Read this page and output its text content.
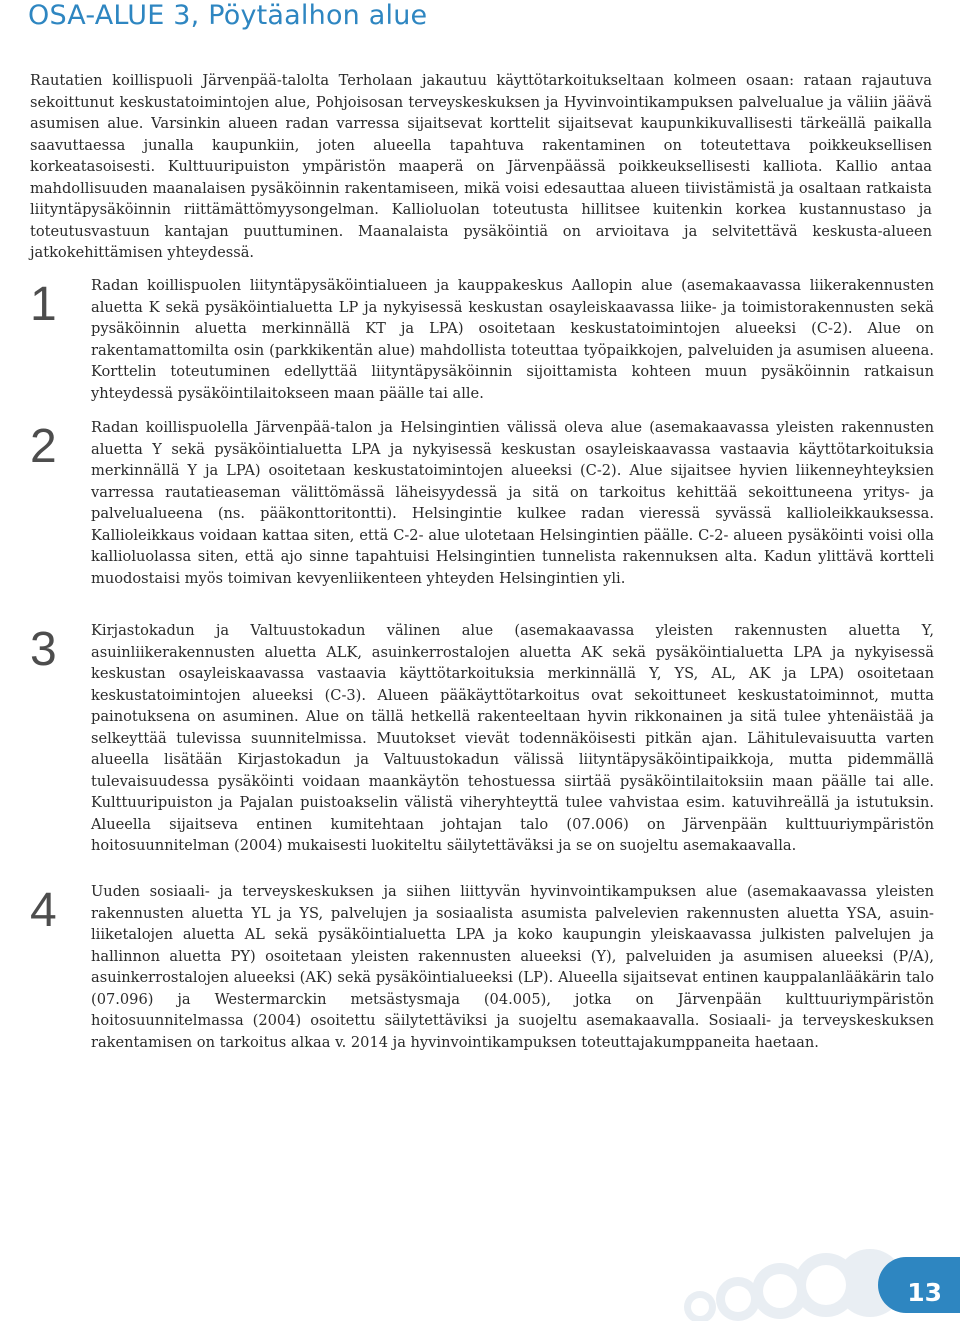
OSA-ALUE 3, Pöytäalhon alue

Rautatien koillispuoli Järvenpää-talolta Terholaan jakautuu käyttötarkoitukseltaan kolmeen osaan: rataan rajautuva sekoittunut keskustatoimintojen alue, Pohjoisosan terveyskeskuksen ja Hyvinvointikampuksen palvelualue ja väliin jäävä asumisen alue. Varsinkin alueen radan varressa sijaitsevat korttelit sijaitsevat kaupunkikuvallisesti tärkeällä paikalla saavuttaessa junalla kaupunkiin, joten alueella tapahtuva rakentaminen on toteutettava poikkeuksellisen korkeatasoisesti. Kulttuuripuiston ympäristön maaperä on Järvenpäässä poikkeuksellisesti kalliota. Kallio antaa mahdollisuuden maanalaisen pysäköinnin rakentamiseen, mikä voisi edesauttaa alueen tiivistämistä ja osaltaan ratkaista liityntäpysäköinnin riittämättömyysongelman. Kallioluolan toteutusta hillitsee kuitenkin korkea kustannustaso ja toteutusvastuun kantajan puuttuminen. Maanalaista pysäköintiä on arvioitava ja selvitettävä keskusta-alueen jatkokehittämisen yhteydessä.

1	Radan koillispuolen liityntäpysäköintialueen ja kauppakeskus Aallopin alue (asemakaavassa liikerakennusten aluetta K sekä pysäköintialuetta LP ja nykyisessä keskustan osayleiskaavassa liike- ja toimistorakennusten sekä pysäköinnin aluetta merkinnällä KT ja LPA) osoitetaan keskustatoimintojen alueeksi (C-2). Alue on rakentamattomilta osin (parkkikentän alue) mahdollista toteuttaa työpaikkojen, palveluiden ja asumisen alueena. Korttelin toteutuminen edellyttää liityntäpysäköinnin sijoittamista kohteen muun pysäköinnin ratkaisun yhteydessä pysäköintilaitokseen maan päälle tai alle.

2	Radan koillispuolella Järvenpää-talon ja Helsingintien välissä oleva alue (asemakaavassa yleisten rakennusten aluetta Y sekä pysäköintialuetta LPA ja nykyisessä keskustan osayleiskaavassa vastaavia käyttötarkoituksia merkinnällä Y ja LPA) osoitetaan keskustatoimintojen alueeksi (C-2). Alue sijaitsee hyvien liikenneyhteyksien varressa rautatieaseman välittömässä läheisyydessä ja sitä on tarkoitus kehittää sekoittuneena yritys- ja palvelualueena (ns. pääkonttoritontti). Helsingintie kulkee radan vieressä syvässä kallioleikkauksessa. Kallioleikkaus voidaan kattaa siten, että C-2- alue ulotetaan Helsingintien päälle. C-2- alueen pysäköinti voisi olla kallioluolassa siten, että ajo sinne tapahtuisi Helsingintien tunnelista rakennuksen alta. Kadun ylittävä kortteli muodostaisi myös toimivan kevyenliikenteen yhteyden Helsingintien yli.

3	Kirjastokadun ja Valtuustokadun välinen alue (asemakaavassa yleisten rakennusten aluetta Y, asuinliikerakennusten aluetta ALK, asuinkerrostalojen aluetta AK sekä pysäköintialuetta LPA ja nykyisessä keskustan osayleiskaavassa vastaavia käyttötarkoituksia merkinnällä Y, YS, AL, AK ja LPA) osoitetaan keskustatoimintojen alueeksi (C-3). Alueen pääkäyttötarkoitus ovat sekoittuneet keskustatoiminnot, mutta painotuksena on asuminen. Alue on tällä hetkellä rakenteeltaan hyvin rikkonainen ja sitä tulee yhtenäistää ja selkeyttää tulevissa suunnitelmissa. Muutokset vievät todennäköisesti pitkän ajan. Lähitulevaisuutta varten alueella lisätään Kirjastokadun ja Valtuustokadun välissä liityntäpysäköintipaikkoja, mutta pidemmällä tulevaisuudessa pysäköinti voidaan maankäytön tehostuessa siirtää pysäköintilaitoksiin maan päälle tai alle. Kulttuuripuiston ja Pajalan puistoakselin välistä viheryhteyttä tulee vahvistaa esim. katuvihreällä ja istutuksin. Alueella sijaitseva entinen kumitehtaan johtajan talo (07.006) on Järvenpään kulttuuriympäristön hoitosuunnitelman (2004) mukaisesti luokiteltu säilytettäväksi ja se on suojeltu asemakaavalla.

4	Uuden sosiaali- ja terveyskeskuksen ja siihen liittyvän hyvinvointikampuksen alue (asemakaavassa yleisten rakennusten aluetta YL ja YS, palvelujen ja sosiaalista asumista palvelevien rakennusten aluetta YSA, asuin- liiketalojen aluetta AL sekä pysäköintialuetta LPA ja koko kaupungin yleiskaavassa julkisten palvelujen ja hallinnon aluetta PY) osoitetaan yleisten rakennusten alueeksi (Y), palveluiden ja asumisen alueeksi (P/A), asuinkerrostalojen alueeksi (AK) sekä pysäköintialueeksi (LP). Alueella sijaitsevat entinen kauppalanlääkärin talo (07.096) ja Westermarckin metsästysmaja (04.005), jotka on Järvenpään kulttuuriympäristön hoitosuunnitelmassa (2004) osoitettu säilytettäviksi ja suojeltu asemakaavalla. Sosiaali- ja terveyskeskuksen rakentamisen on tarkoitus alkaa v. 2014 ja hyvinvointikampuksen toteuttajakumppaneita haetaan.

13
